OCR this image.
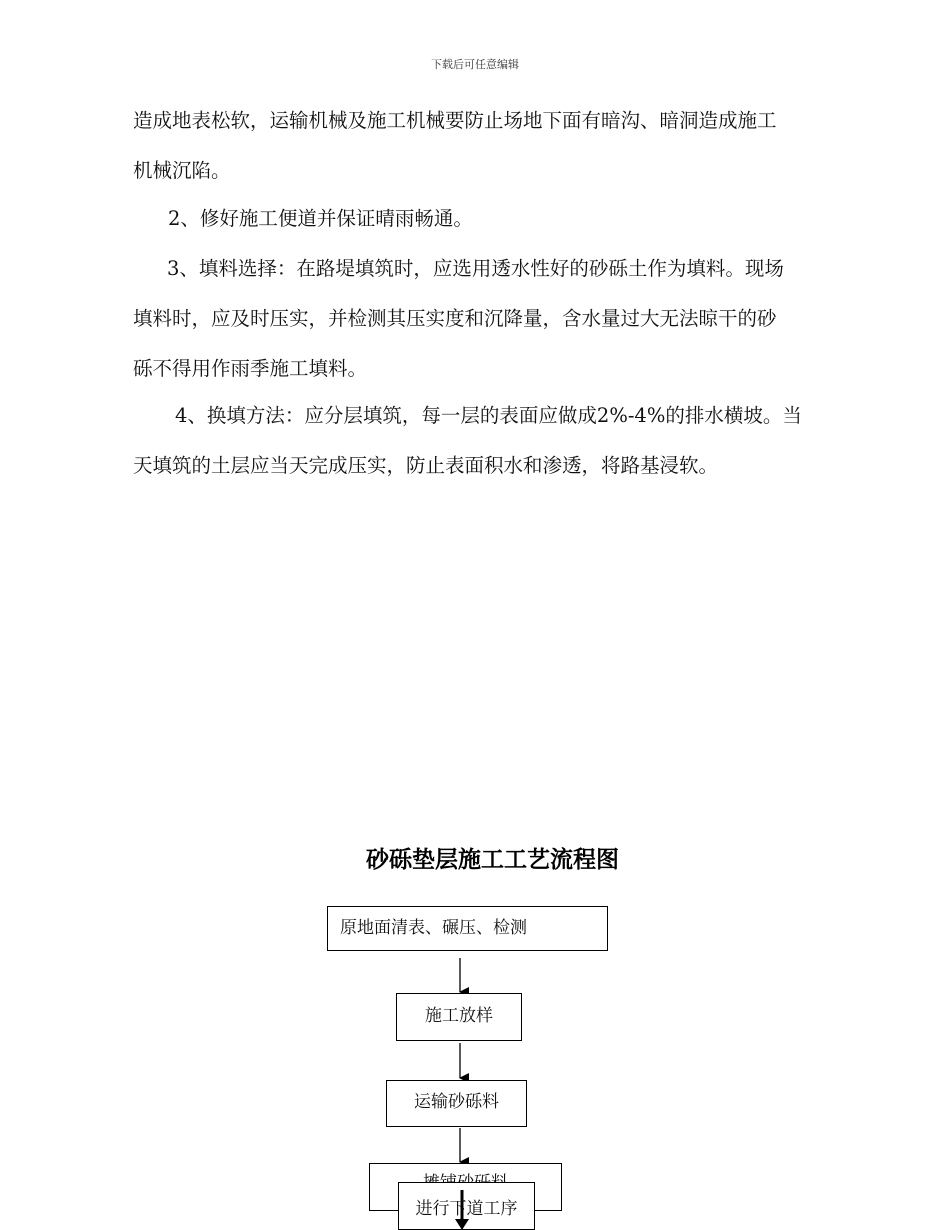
下载后可任意编辑

造成地表松软，运输机械及施工机械要防止场地下面有暗沟、暗洞造成施工
机械沉陷。

2、修好施工便道并保证晴雨畅通。

3、填料选择：在路堤填筑时，应选用透水性好的砂砾土作为填料。现场
填料时，应及时压实，并检测其压实度和沉降量，含水量过大无法晾干的砂
砾不得用作雨季施工填料。

4、换填方法：应分层填筑，每一层的表面应做成2%-4%的排水横坡。当
天填筑的土层应当天完成压实，防止表面积水和渗透，将路基浸软。

砂砾垫层施工工艺流程图
原地面清表、碾压、检测
施工放样
运输砂砾料
进行下道工序
